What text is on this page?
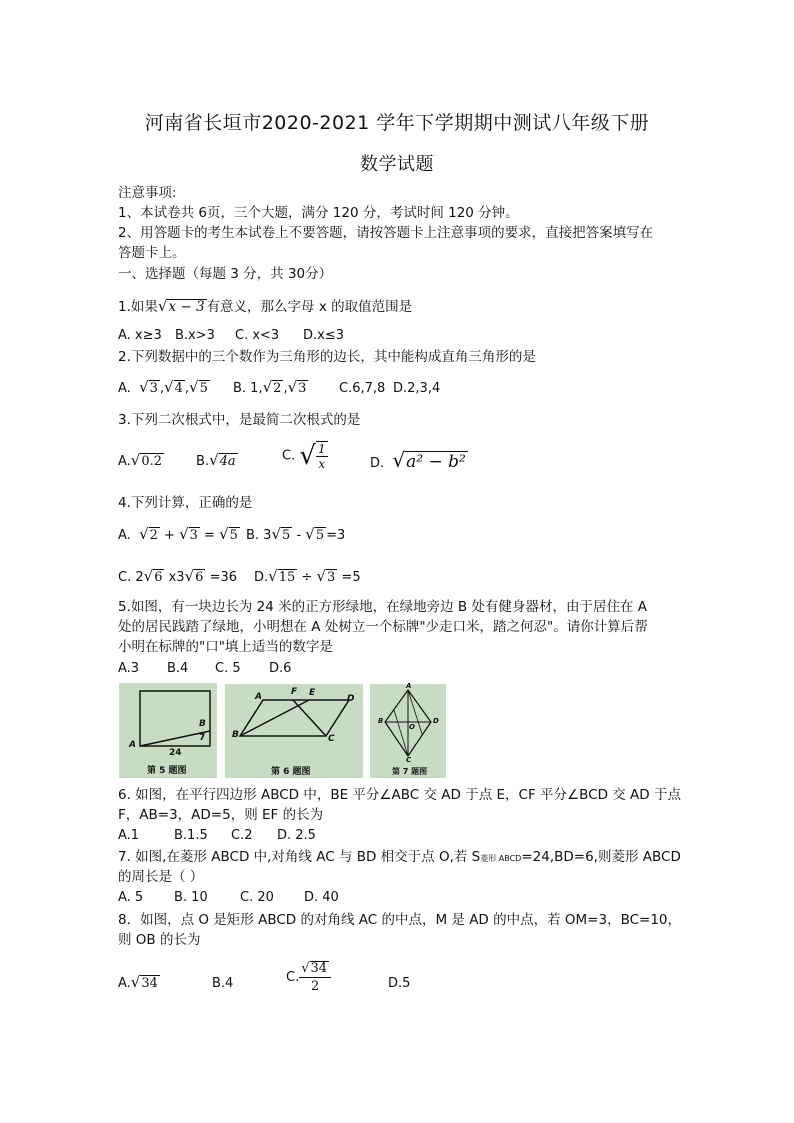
河南省长垣市2020-2021 学年下学期期中测试八年级下册
数学试题
注意事项:
1、本试卷共 6页，三个大题，满分 120 分，考试时间 120 分钟。
2、用答题卡的考生本试卷上不要答题，请按答题卡上注意事项的要求，直接把答案填写在
答题卡上。
一、选择题（每题 3 分，共 30分）
1.如果√x − 3 有意义，那么字母 x 的取值范围是
A. x≥3 B.x>3 C. x<3 D.x≤3
2.下列数据中的三个数作为三角形的边长，其中能构成直角三角形的是
A. √3 ,√4 ,√5 B. 1,√2 ,√3	C.6,7,8 D.2,3,4
3.下列二次根式中，是最简二次根式的是
A.√0.2	B.√4a	C. √ $\frac{1}{x}$	D. √a² − b²
4.下列计算，正确的是
A. √2 + √3 = √5 B. 3√5 - √5 =3
C. 2√6 x3√6 =36 D.√15 ÷ √3 =5
5.如图，有一块边长为 24 米的正方形绿地，在绿地旁边 B 处有健身器材，由于居住在 A
处的居民践踏了绿地，小明想在 A 处树立一个标牌"少走口米，踏之何忍"。请你计算后帮
小明在标牌的"口"填上适当的数字是
A.3 B.4 C. 5 D.6
A
B
24
7
第 5 题图
A	F E
D
B	C
第 6 题图
A
B
O
D
C
第 7 题图
6. 如图，在平行四边形 ABCD 中，BE 平分∠ABC 交 AD 于点 E，CF 平分∠BCD 交 AD 于点
F，AB=3，AD=5，则 EF 的长为
A.1	B.1.5 C.2 D. 2.5
7. 如图,在菱形 ABCD 中,对角线 AC 与 BD 相交于点 O,若 S菱形 ABCD=24,BD=6,则菱形 ABCD
的周长是（ ）
A. 5 B. 10 C. 20 D. 40
8．如图，点 O 是矩形 ABCD 的对角线 AC 的中点，M 是 AD 的中点，若 OM=3，BC=10，
则 OB 的长为
A.√34	B.4	C. $\frac{√34}{2}$	D.5
